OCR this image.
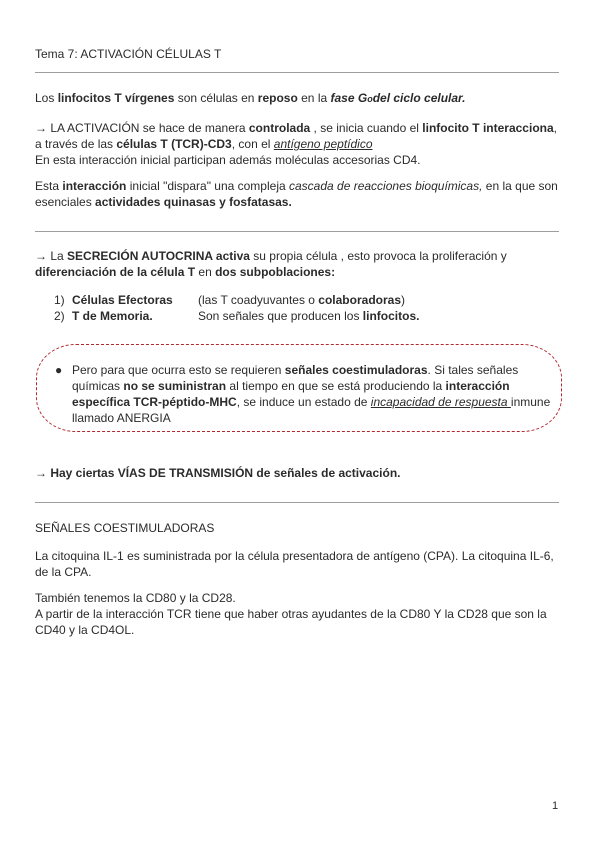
Tema 7: ACTIVACIÓN CÉLULAS T

Los linfocitos T vírgenes son células en reposo en la fase Godel ciclo celular.

→ LA ACTIVACIÓN se hace de manera controlada , se inicia cuando el linfocito T interacciona, a través de las células T (TCR)-CD3, con el antígeno peptídico
En esta interacción inicial participan además moléculas accesorias CD4.

Esta interacción inicial "dispara" una compleja cascada de reacciones bioquímicas, en la que son esenciales actividades quinasas y fosfatasas.

→ La SECRECIÓN AUTOCRINA activa su propia célula , esto provoca la proliferación y diferenciación de la célula T en dos subpoblaciones:

1) Células Efectoras	(las T coadyuvantes o colaboradoras)
2) T de Memoria.	Son señales que producen los linfocitos.
● Pero para que ocurra esto se requieren señales coestimuladoras. Si tales señales químicas no se suministran al tiempo en que se está produciendo la interacción específica TCR-péptido-MHC, se induce un estado de incapacidad de respuesta inmune llamado ANERGIA

→ Hay ciertas VÍAS DE TRANSMISIÓN de señales de activación.

SEÑALES COESTIMULADORAS

La citoquina IL-1 es suministrada por la célula presentadora de antígeno (CPA). La citoquina IL-6, de la CPA.

También tenemos la CD80 y la CD28.
A partir de la interacción TCR tiene que haber otras ayudantes de la CD80 Y la CD28 que son la CD40 y la CD4OL.

1
